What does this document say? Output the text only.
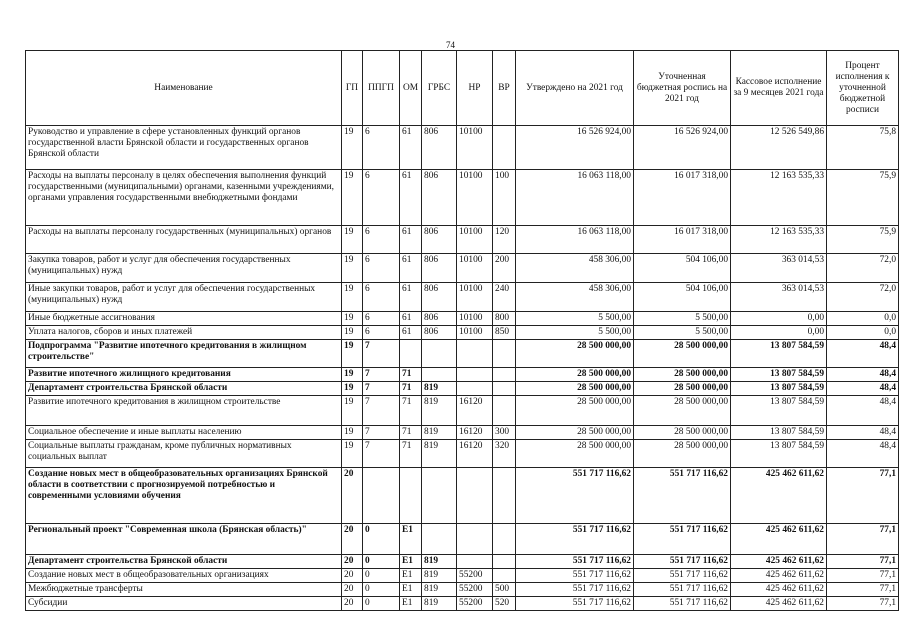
74
Наименование	ГП	ППГП	ОМ	ГРБС	НР	ВР	Утверждено на 2021 год	Уточненная бюджетная роспись на 2021 год	Кассовое исполнение за 9 месяцев 2021 года	Процент исполнения к уточненной бюджетной росписи
Руководство и управление в сфере установленных функций органов государственной власти Брянской области и государственных органов Брянской области	19	6	61	806	10100		16 526 924,00	16 526 924,00	12 526 549,86	75,8
Расходы на выплаты персоналу в целях обеспечения выполнения функций государственными (муниципальными) органами, казенными учреждениями, органами управления государственными внебюджетными фондами	19	6	61	806	10100	100	16 063 118,00	16 017 318,00	12 163 535,33	75,9
Расходы на выплаты персоналу государственных (муниципальных) органов	19	6	61	806	10100	120	16 063 118,00	16 017 318,00	12 163 535,33	75,9
Закупка товаров, работ и услуг для обеспечения государственных (муниципальных) нужд	19	6	61	806	10100	200	458 306,00	504 106,00	363 014,53	72,0
Иные закупки товаров, работ и услуг для обеспечения государственных (муниципальных) нужд	19	6	61	806	10100	240	458 306,00	504 106,00	363 014,53	72,0
Иные бюджетные ассигнования	19	6	61	806	10100	800	5 500,00	5 500,00	0,00	0,0
Уплата налогов, сборов и иных платежей	19	6	61	806	10100	850	5 500,00	5 500,00	0,00	0,0
Подпрограмма "Развитие ипотечного кредитования в жилищном строительстве"	19	7					28 500 000,00	28 500 000,00	13 807 584,59	48,4
Развитие ипотечного жилищного кредитования	19	7	71				28 500 000,00	28 500 000,00	13 807 584,59	48,4
Департамент строительства Брянской области	19	7	71	819			28 500 000,00	28 500 000,00	13 807 584,59	48,4
Развитие ипотечного кредитования в жилищном строительстве	19	7	71	819	16120		28 500 000,00	28 500 000,00	13 807 584,59	48,4
Социальное обеспечение и иные выплаты населению	19	7	71	819	16120	300	28 500 000,00	28 500 000,00	13 807 584,59	48,4
Социальные выплаты гражданам, кроме публичных нормативных социальных выплат	19	7	71	819	16120	320	28 500 000,00	28 500 000,00	13 807 584,59	48,4
Создание новых мест в общеобразовательных организациях Брянской области в соответствии с прогнозируемой потребностью и современными условиями обучения	20						551 717 116,62	551 717 116,62	425 462 611,62	77,1
Региональный проект "Современная школа (Брянская область)"	20	0	E1				551 717 116,62	551 717 116,62	425 462 611,62	77,1
Департамент строительства Брянской области	20	0	E1	819			551 717 116,62	551 717 116,62	425 462 611,62	77,1
Создание новых мест в общеобразовательных организациях	20	0	E1	819	55200		551 717 116,62	551 717 116,62	425 462 611,62	77,1
Межбюджетные трансферты	20	0	E1	819	55200	500	551 717 116,62	551 717 116,62	425 462 611,62	77,1
Субсидии	20	0	E1	819	55200	520	551 717 116,62	551 717 116,62	425 462 611,62	77,1
